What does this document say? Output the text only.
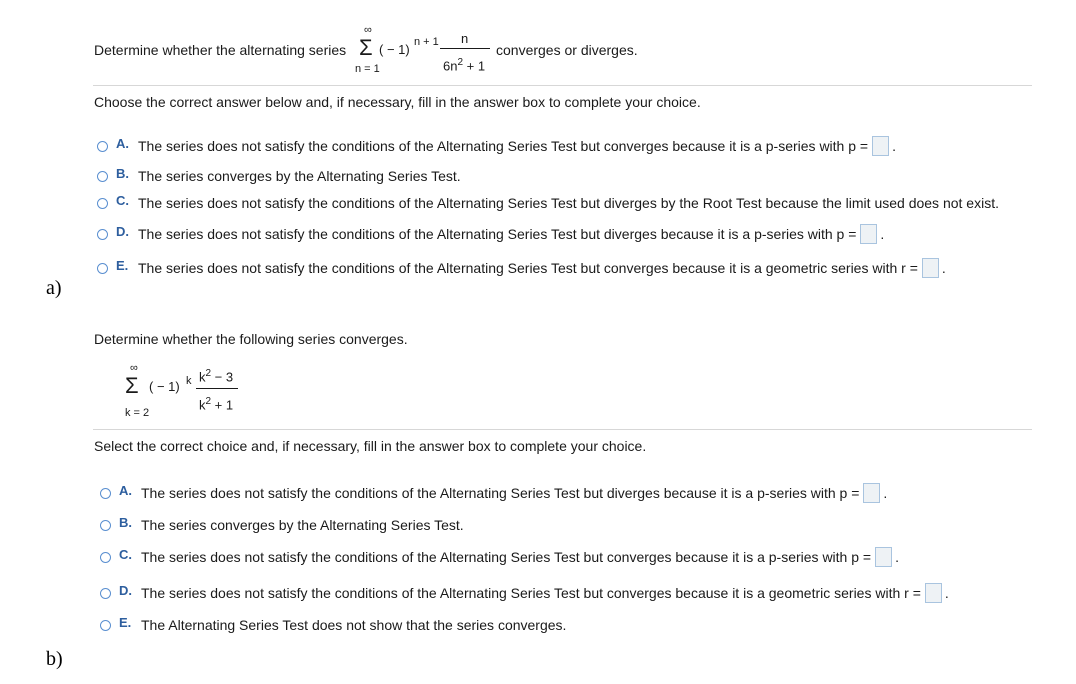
Determine whether the alternating series
∞
Σ
n = 1
( − 1) n + 1 n
$6n^2 + 1$
converges or diverges.
Choose the correct answer below and, if necessary, fill in the answer box to complete your choice.
A. The series does not satisfy the conditions of the Alternating Series Test but converges because it is a p-series with p = .
B. The series converges by the Alternating Series Test.
C. The series does not satisfy the conditions of the Alternating Series Test but diverges by the Root Test because the limit used does not exist.
D. The series does not satisfy the conditions of the Alternating Series Test but diverges because it is a p-series with p = .
E. The series does not satisfy the conditions of the Alternating Series Test but converges because it is a geometric series with r = .
a)
Determine whether the following series converges.
∞
Σ
k = 2
( − 1) k $k^2 - 3$
$k^2 + 1$
Select the correct choice and, if necessary, fill in the answer box to complete your choice.
A. The series does not satisfy the conditions of the Alternating Series Test but diverges because it is a p-series with p = .
B. The series converges by the Alternating Series Test.
C. The series does not satisfy the conditions of the Alternating Series Test but converges because it is a p-series with p = .
D. The series does not satisfy the conditions of the Alternating Series Test but converges because it is a geometric series with r = .
E. The Alternating Series Test does not show that the series converges.
b)
